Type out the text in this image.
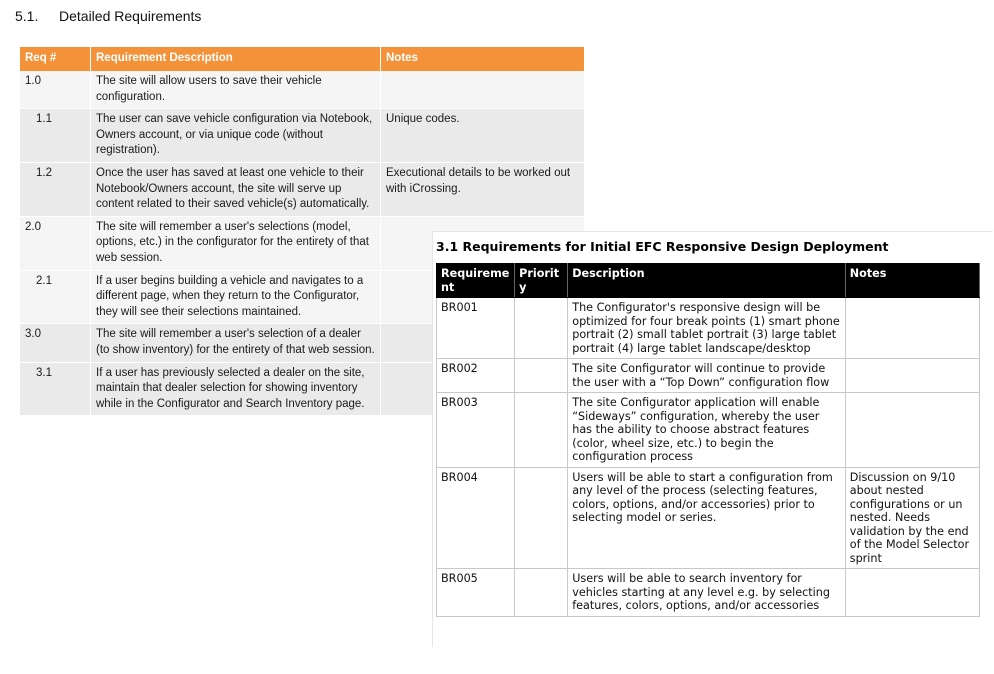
5.1. Detailed Requirements
Req #	Requirement Description	Notes
1.0	The site will allow users to save their vehicle configuration.	
1.1	The user can save vehicle configuration via Notebook, Owners account, or via unique code (without registration).	Unique codes.
1.2	Once the user has saved at least one vehicle to their Notebook/Owners account, the site will serve up content related to their saved vehicle(s) automatically.	Executional details to be worked out with iCrossing.
2.0	The site will remember a user's selections (model, options, etc.) in the configurator for the entirety of that web session.	
2.1	If a user begins building a vehicle and navigates to a different page, when they return to the Configurator, they will see their selections maintained.	
3.0	The site will remember a user's selection of a dealer (to show inventory) for the entirety of that web session.	
3.1	If a user has previously selected a dealer on the site, maintain that dealer selection for showing inventory while in the Configurator and Search Inventory page.	
3.1 Requirements for Initial EFC Responsive Design Deployment
Requireme nt	Priorit y	Description	Notes
BR001		The Configurator's responsive design will be optimized for four break points (1) smart phone portrait (2) small tablet portrait (3) large tablet portrait (4) large tablet landscape/desktop	
BR002		The site Configurator will continue to provide the user with a “Top Down” configuration flow	
BR003		The site Configurator application will enable “Sideways” configuration, whereby the user has the ability to choose abstract features (color, wheel size, etc.) to begin the configuration process	
BR004		Users will be able to start a configuration from any level of the process (selecting features, colors, options, and/or accessories) prior to selecting model or series.	Discussion on 9/10 about nested configurations or un nested. Needs validation by the end of the Model Selector sprint
BR005		Users will be able to search inventory for vehicles starting at any level e.g. by selecting features, colors, options, and/or accessories	
